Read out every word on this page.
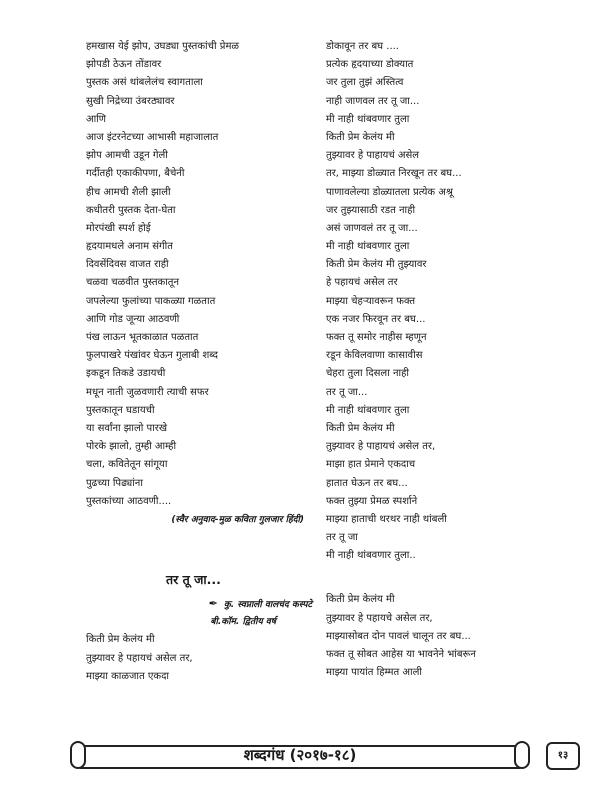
हमखास येई झोप, उघड्या पुस्तकांची प्रेमळ
झोपडी ठेऊन तोंडावर
पुस्तक असं थांबलेलंच स्वागताला
सुखी निद्रेच्या उंबरठ्यावर
आणि
आज इंटरनेटच्या आभासी महाजालात
झोप आमची उडून गेली
गर्दीतही एकाकीपणा, बैचेनी
हीच आमची शैली झाली
कधीतरी पुस्तक देता-घेता
मोरपंखी स्पर्श होई
हृदयामधले अनाम संगीत
दिवसेंदिवस वाजत राही
चळवा चळवीत पुस्तकातून
जपलेल्या फुलांच्या पाकळ्या गळतात
आणि गोड जून्या आठवणी
पंख लाऊन भूतकाळात पळतात
फुलपाखरे पंखांवर घेऊन गुलाबी शब्द
इकडून तिकडे उडायची
मधून नाती जुळवणारी त्याची सफर
पुस्तकातून घडायची
या सर्वांना झालो पारखे
पोरके झालो, तुम्ही आम्ही
चला, कवितेतून सांगूया
पुढच्या पिढ्यांना
पुस्तकांच्या आठवणी....
(स्वैर अनुवाद-मुळ कविता गुलजार हिंदी)
तर तू जा...
✒ कु. स्वप्नाली वालचंद कस्पटे
बी.कॉम. द्वितीय वर्ष
किती प्रेम केलंय मी
तुझ्यावर हे पहायचं असेल तर,
माझ्या काळजात एकदा
डोकावून तर बघ ....
प्रत्येक हृदयाच्या डोक्यात
जर तुला तुझं अस्तित्व
नाही जाणवल तर तू जा...
मी नाही थांबवणार तुला
किती प्रेम केलंय मी
तुझ्यावर हे पाहायचं असेल
तर, माझ्या डोळ्यात निरखून तर बघ...
पाणावलेल्या डोळ्यातला प्रत्येक अश्रू
जर तुझ्यासाठी रडत नाही
असं जाणवलं तर तू जा...
मी नाही थांबवणार तुला
किती प्रेम केलंय मी तुझ्यावर
हे पहायचं असेल तर
माझ्या चेहऱ्यावरून फक्त
एक नजर फिरवून तर बघ...
फक्त तू समोर नाहीस म्हणून
रडून केविलवाणा कासावीस
चेहरा तुला दिसला नाही
तर तू जा...
मी नाही थांबवणार तुला
किती प्रेम केलंय मी
तुझ्यावर हे पाहायचं असेल तर,
माझा हात प्रेमाने एकदाच
हातात घेऊन तर बघ...
फक्त तुझ्या प्रेमळ स्पर्शाने
माझ्या हाताची थरथर नाही थांबली
तर तू जा
मी नाही थांबवणार तुला..
किती प्रेम केलंय मी
तुझ्यावर हे पहायचे असेल तर,
माझ्यासोबत दोन पावलं चालून तर बघ...
फक्त तू सोबत आहेस या भावनेने भांबरून
माझ्या पायांत हिम्मत आली
शब्दगंध (२०१७-१८)	१३
